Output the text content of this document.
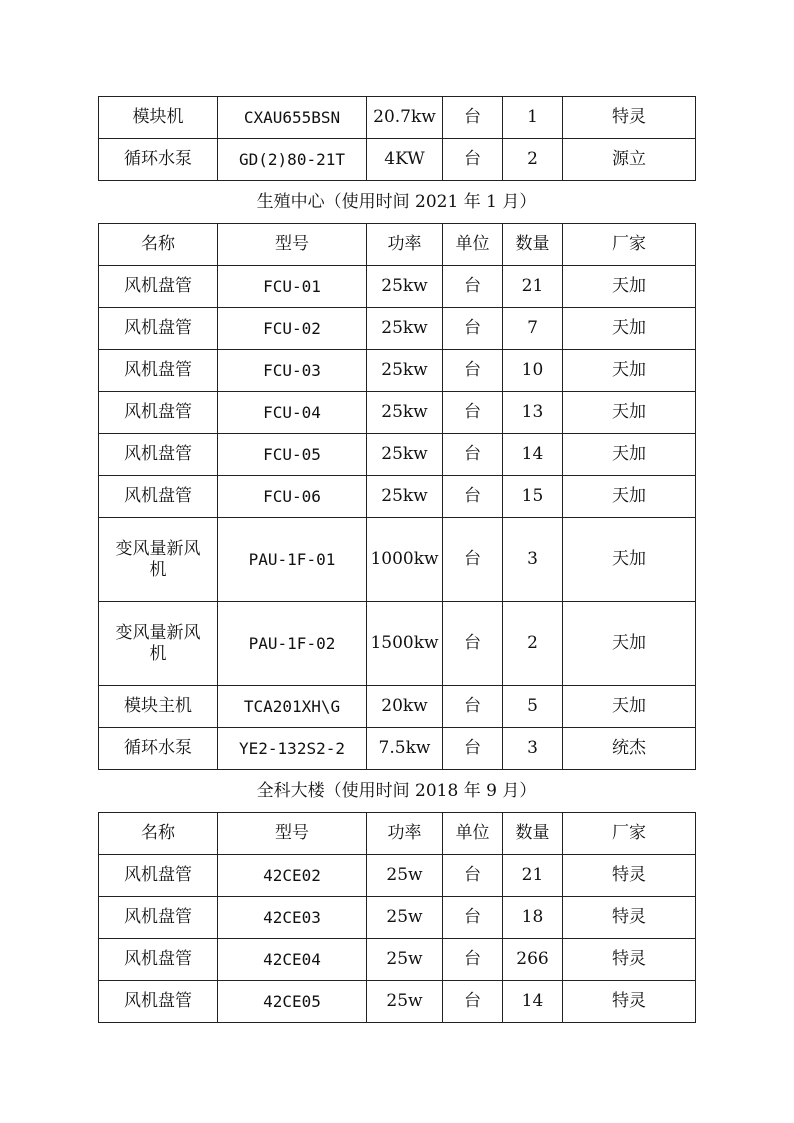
模块机	CXAU655BSN	20.7kw	台	1	特灵
循环水泵	GD(2)80-21T	4KW	台	2	源立
生殖中心（使用时间 2021 年 1 月）
名称	型号	功率	单位	数量	厂家
风机盘管	FCU-01	25kw	台	21	天加
风机盘管	FCU-02	25kw	台	7	天加
风机盘管	FCU-03	25kw	台	10	天加
风机盘管	FCU-04	25kw	台	13	天加
风机盘管	FCU-05	25kw	台	14	天加
风机盘管	FCU-06	25kw	台	15	天加
变风量新风机	PAU-1F-01	1000kw	台	3	天加
变风量新风机	PAU-1F-02	1500kw	台	2	天加
模块主机	TCA201XH\G	20kw	台	5	天加
循环水泵	YE2-132S2-2	7.5kw	台	3	统杰
全科大楼（使用时间 2018 年 9 月）
名称	型号	功率	单位	数量	厂家
风机盘管	42CE02	25w	台	21	特灵
风机盘管	42CE03	25w	台	18	特灵
风机盘管	42CE04	25w	台	266	特灵
风机盘管	42CE05	25w	台	14	特灵
